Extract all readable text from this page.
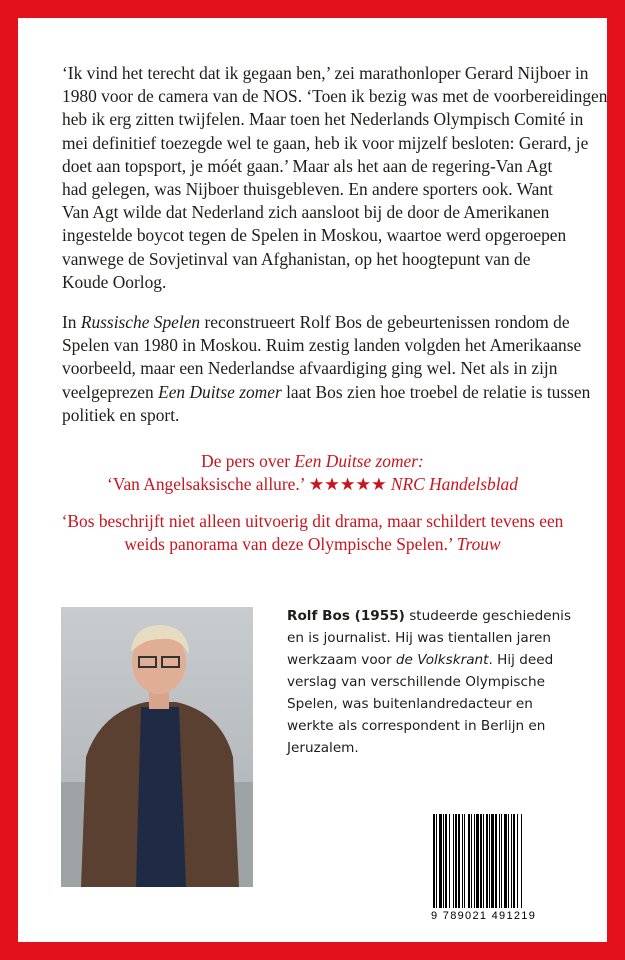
‘Ik vind het terecht dat ik gegaan ben,’ zei marathonloper Gerard Nijboer in
1980 voor de camera van de NOS. ‘Toen ik bezig was met de voorbereidingen
heb ik erg zitten twijfelen. Maar toen het Nederlands Olympisch Comité in
mei definitief toezegde wel te gaan, heb ik voor mijzelf besloten: Gerard, je
doet aan topsport, je móét gaan.’ Maar als het aan de regering-Van Agt
had gelegen, was Nijboer thuisgebleven. En andere sporters ook. Want
Van Agt wilde dat Nederland zich aansloot bij de door de Amerikanen
ingestelde boycot tegen de Spelen in Moskou, waartoe werd opgeroepen
vanwege de Sovjetinval van Afghanistan, op het hoogtepunt van de
Koude Oorlog.
In Russische Spelen reconstrueert Rolf Bos de gebeurtenissen rondom de
Spelen van 1980 in Moskou. Ruim zestig landen volgden het Amerikaanse
voorbeeld, maar een Nederlandse afvaardiging ging wel. Net als in zijn
veelgeprezen Een Duitse zomer laat Bos zien hoe troebel de relatie is tussen
politiek en sport.
De pers over Een Duitse zomer:
‘Van Angelsaksische allure.’ ★★★★★ NRC Handelsblad
‘Bos beschrijft niet alleen uitvoerig dit drama, maar schildert tevens een
weids panorama van deze Olympische Spelen.’ Trouw
Rolf Bos (1955) studeerde geschiedenis
en is journalist. Hij was tientallen jaren
werkzaam voor de Volkskrant. Hij deed
verslag van verschillende Olympische
Spelen, was buitenlandredacteur en
werkte als correspondent in Berlijn en
Jeruzalem.
9 789021 491219
